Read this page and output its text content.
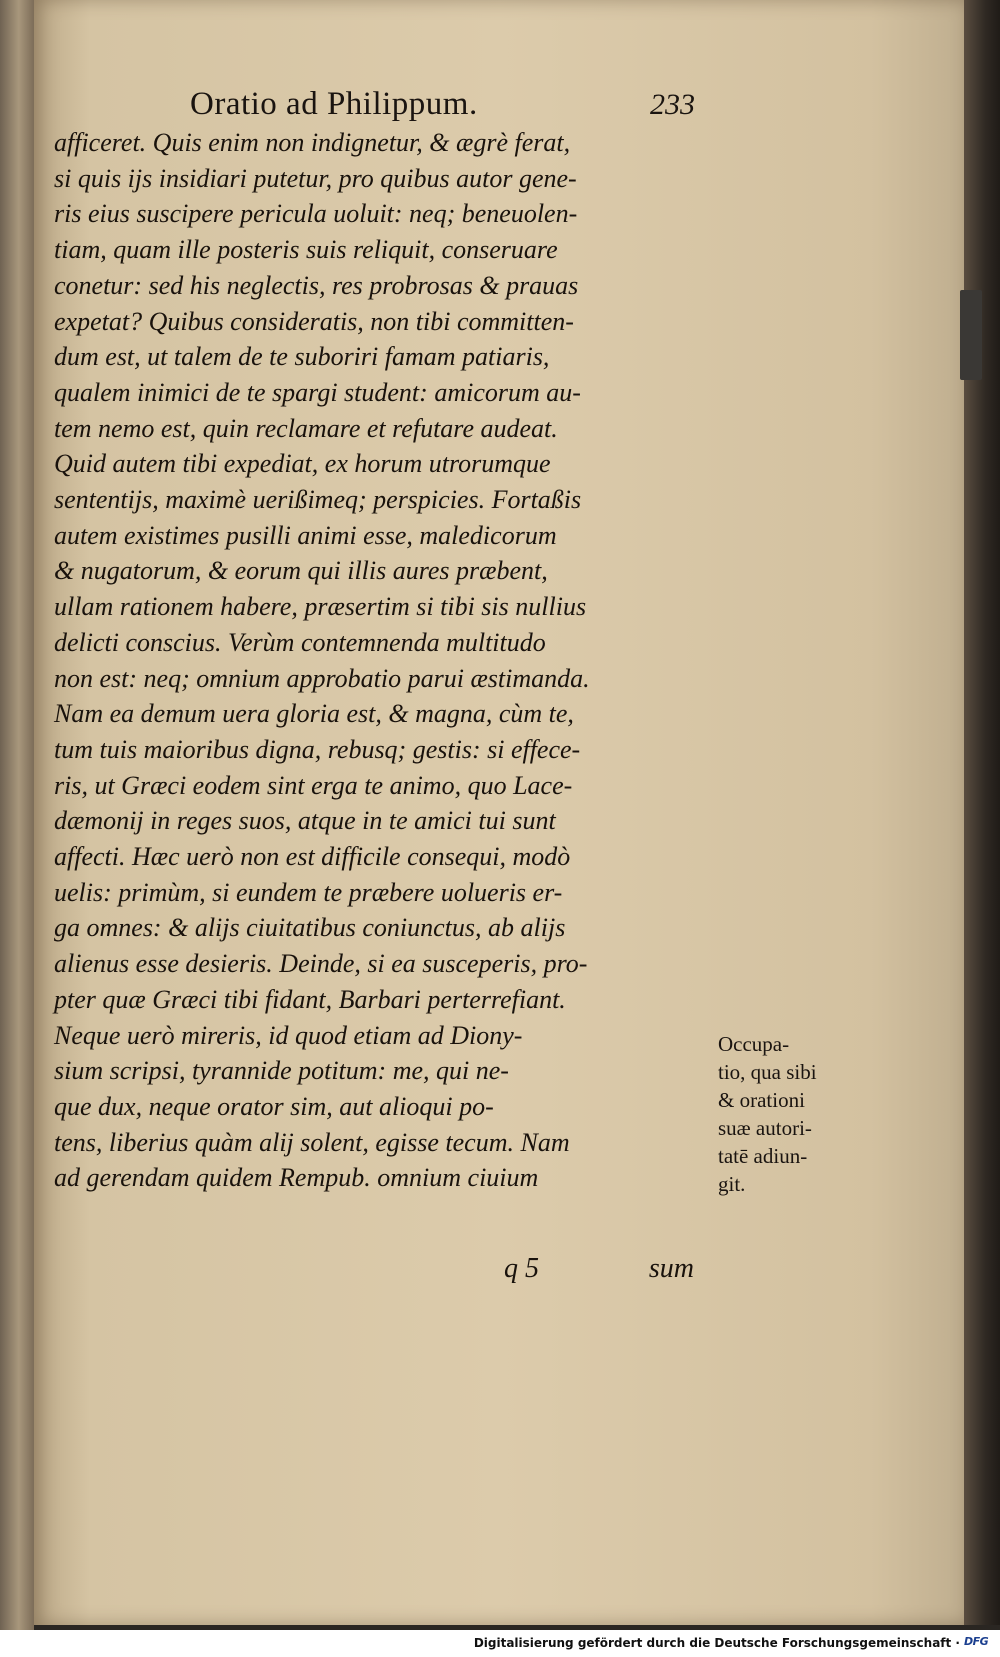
Oratio ad Philippum.	233
afficeret. Quis enim non indignetur, & ægrè ferat,
si quis ijs insidiari putetur, pro quibus autor gene-
ris eius suscipere pericula uoluit: neq; beneuolen-
tiam, quam ille posteris suis reliquit, conseruare
conetur: sed his neglectis, res probrosas & prauas
expetat? Quibus consideratis, non tibi committen-
dum est, ut talem de te suboriri famam patiaris,
qualem inimici de te spargi student: amicorum au-
tem nemo est, quin reclamare et refutare audeat.
Quid autem tibi expediat, ex horum utrorumque
sententijs, maximè uerißimeq; perspicies. Fortaßis
autem existimes pusilli animi esse, maledicorum
& nugatorum, & eorum qui illis aures præbent,
ullam rationem habere, præsertim si tibi sis nullius
delicti conscius. Verùm contemnenda multitudo
non est: neq; omnium approbatio parui æstimanda.
Nam ea demum uera gloria est, & magna, cùm te,
tum tuis maioribus digna, rebusq; gestis: si effece-
ris, ut Græci eodem sint erga te animo, quo Lace-
dæmonij in reges suos, atque in te amici tui sunt
affecti. Hæc uerò non est difficile consequi, modò
uelis: primùm, si eundem te præbere uolueris er-
ga omnes: & alijs ciuitatibus coniunctus, ab alijs
alienus esse desieris. Deinde, si ea susceperis, pro-
pter quæ Græci tibi fidant, Barbari perterrefiant.
Neque uerò mireris, id quod etiam ad Diony-
sium scripsi, tyrannide potitum: me, qui ne-
que dux, neque orator sim, aut alioqui po-
tens, liberius quàm alij solent, egisse tecum. Nam
ad gerendam quidem Rempub. omnium ciuium
Occupa-
tio, qua sibi
& orationi
suæ autori-
tatē adiun-
git.
q 5	sum
Digitalisierung gefördert durch die Deutsche Forschungsgemeinschaft · DFG
